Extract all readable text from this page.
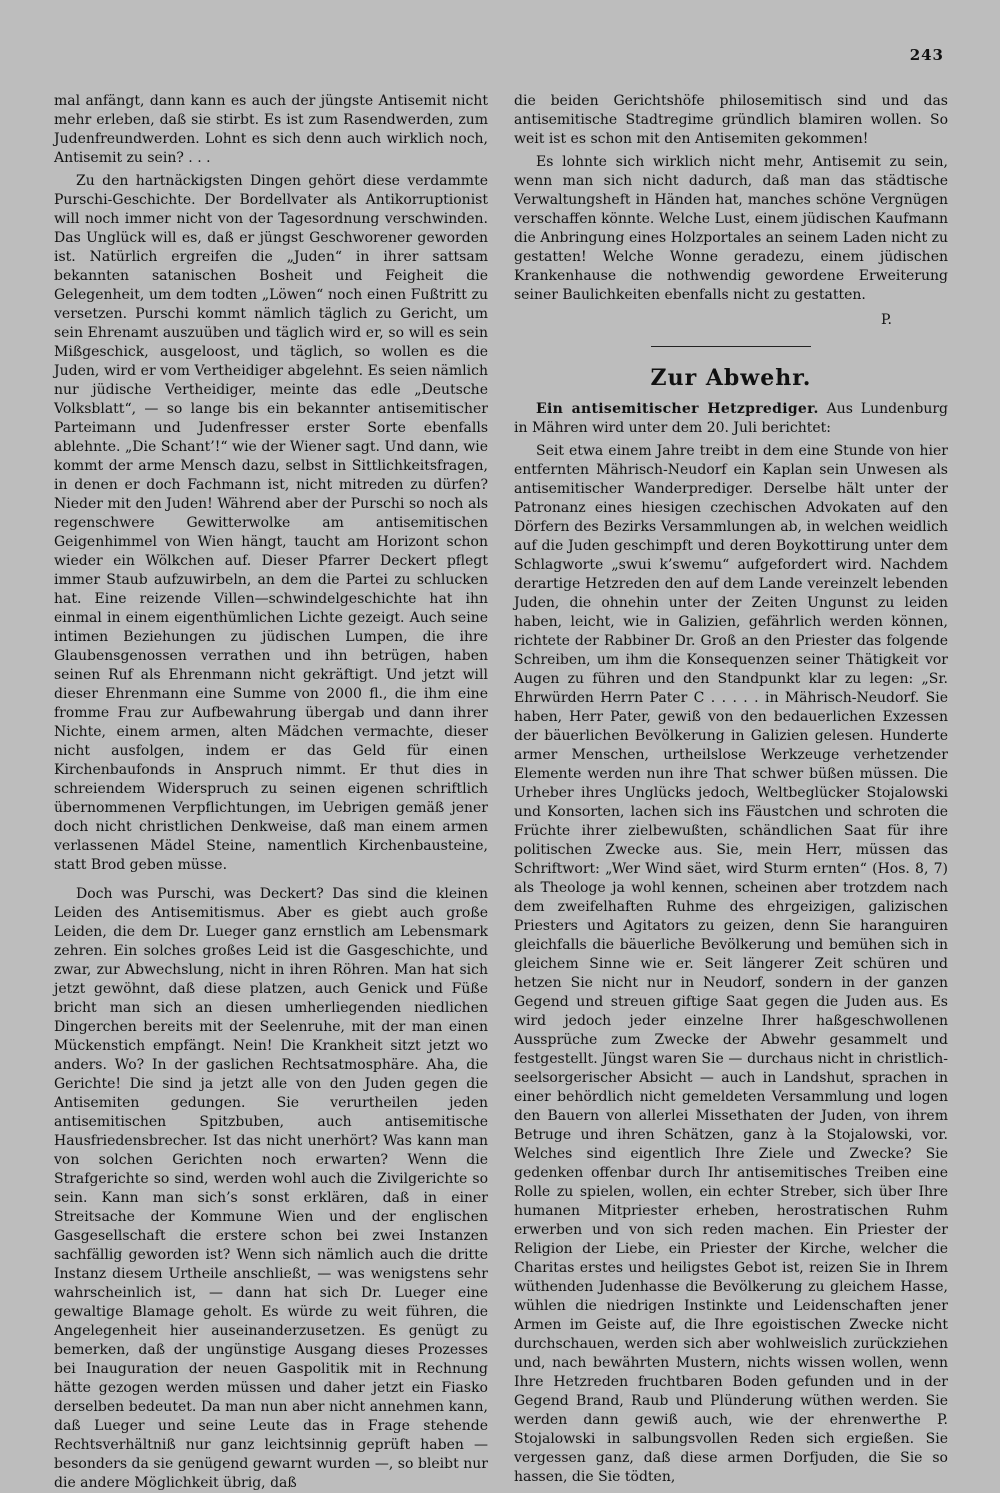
243

mal anfängt, dann kann es auch der jüngste Antisemit nicht mehr erleben, daß sie stirbt. Es ist zum Rasendwerden, zum Judenfreundwerden. Lohnt es sich denn auch wirklich noch, Antisemit zu sein? . . .

Zu den hartnäckigsten Dingen gehört diese verdammte Purschi-Geschichte. Der Bordellvater als Antikorruptionist will noch immer nicht von der Tagesordnung verschwinden. Das Unglück will es, daß er jüngst Geschworener geworden ist. Natürlich ergreifen die „Juden“ in ihrer sattsam bekannten satanischen Bosheit und Feigheit die Gelegenheit, um dem todten „Löwen“ noch einen Fußtritt zu versetzen. Purschi kommt nämlich täglich zu Gericht, um sein Ehrenamt auszuüben und täglich wird er, so will es sein Mißgeschick, ausgeloost, und täglich, so wollen es die Juden, wird er vom Vertheidiger abgelehnt. Es seien nämlich nur jüdische Vertheidiger, meinte das edle „Deutsche Volksblatt“, — so lange bis ein bekannter antisemitischer Parteimann und Judenfresser erster Sorte ebenfalls ablehnte. „Die Schant’!“ wie der Wiener sagt. Und dann, wie kommt der arme Mensch dazu, selbst in Sittlichkeitsfragen, in denen er doch Fachmann ist, nicht mitreden zu dürfen? Nieder mit den Juden! Während aber der Purschi so noch als regenschwere Gewitterwolke am antisemitischen Geigenhimmel von Wien hängt, taucht am Horizont schon wieder ein Wölkchen auf. Dieser Pfarrer Deckert pflegt immer Staub aufzuwirbeln, an dem die Partei zu schlucken hat. Eine reizende Villen—schwindelgeschichte hat ihn einmal in einem eigenthümlichen Lichte gezeigt. Auch seine intimen Beziehungen zu jüdischen Lumpen, die ihre Glaubensgenossen verrathen und ihn betrügen, haben seinen Ruf als Ehrenmann nicht gekräftigt. Und jetzt will dieser Ehrenmann eine Summe von 2000 fl., die ihm eine fromme Frau zur Aufbewahrung übergab und dann ihrer Nichte, einem armen, alten Mädchen vermachte, dieser nicht ausfolgen, indem er das Geld für einen Kirchenbaufonds in Anspruch nimmt. Er thut dies in schreiendem Widerspruch zu seinen eigenen schriftlich übernommenen Verpflichtungen, im Uebrigen gemäß jener doch nicht christlichen Denkweise, daß man einem armen verlassenen Mädel Steine, namentlich Kirchenbausteine, statt Brod geben müsse.

Doch was Purschi, was Deckert? Das sind die kleinen Leiden des Antisemitismus. Aber es giebt auch große Leiden, die dem Dr. Lueger ganz ernstlich am Lebensmark zehren. Ein solches großes Leid ist die Gasgeschichte, und zwar, zur Abwechslung, nicht in ihren Röhren. Man hat sich jetzt gewöhnt, daß diese platzen, auch Genick und Füße bricht man sich an diesen umherliegenden niedlichen Dingerchen bereits mit der Seelenruhe, mit der man einen Mückenstich empfängt. Nein! Die Krankheit sitzt jetzt wo anders. Wo? In der gaslichen Rechtsatmosphäre. Aha, die Gerichte! Die sind ja jetzt alle von den Juden gegen die Antisemiten gedungen. Sie verurtheilen jeden antisemitischen Spitzbuben, auch antisemitische Hausfriedensbrecher. Ist das nicht unerhört? Was kann man von solchen Gerichten noch erwarten? Wenn die Strafgerichte so sind, werden wohl auch die Zivilgerichte so sein. Kann man sich’s sonst erklären, daß in einer Streitsache der Kommune Wien und der englischen Gasgesellschaft die erstere schon bei zwei Instanzen sachfällig geworden ist? Wenn sich nämlich auch die dritte Instanz diesem Urtheile anschließt, — was wenigstens sehr wahrscheinlich ist, — dann hat sich Dr. Lueger eine gewaltige Blamage geholt. Es würde zu weit führen, die Angelegenheit hier auseinanderzusetzen. Es genügt zu bemerken, daß der ungünstige Ausgang dieses Prozesses bei Inauguration der neuen Gaspolitik mit in Rechnung hätte gezogen werden müssen und daher jetzt ein Fiasko derselben bedeutet. Da man nun aber nicht annehmen kann, daß Lueger und seine Leute das in Frage stehende Rechtsverhältniß nur ganz leichtsinnig geprüft haben — besonders da sie genügend gewarnt wurden —, so bleibt nur die andere Möglichkeit übrig, daß

die beiden Gerichtshöfe philosemitisch sind und das antisemitische Stadtregime gründlich blamiren wollen. So weit ist es schon mit den Antisemiten gekommen!

Es lohnte sich wirklich nicht mehr, Antisemit zu sein, wenn man sich nicht dadurch, daß man das städtische Verwaltungsheft in Händen hat, manches schöne Vergnügen verschaffen könnte. Welche Lust, einem jüdischen Kaufmann die Anbringung eines Holzportales an seinem Laden nicht zu gestatten! Welche Wonne geradezu, einem jüdischen Krankenhause die nothwendig gewordene Erweiterung seiner Baulichkeiten ebenfalls nicht zu gestatten.

P.
Zur Abwehr.

Ein antisemitischer Hetzprediger. Aus Lundenburg in Mähren wird unter dem 20. Juli berichtet:

Seit etwa einem Jahre treibt in dem eine Stunde von hier entfernten Mährisch-Neudorf ein Kaplan sein Unwesen als antisemitischer Wanderprediger. Derselbe hält unter der Patronanz eines hiesigen czechischen Advokaten auf den Dörfern des Bezirks Versammlungen ab, in welchen weidlich auf die Juden geschimpft und deren Boykottirung unter dem Schlagworte „swui k’swemu“ aufgefordert wird. Nachdem derartige Hetzreden den auf dem Lande vereinzelt lebenden Juden, die ohnehin unter der Zeiten Ungunst zu leiden haben, leicht, wie in Galizien, gefährlich werden können, richtete der Rabbiner Dr. Groß an den Priester das folgende Schreiben, um ihm die Konsequenzen seiner Thätigkeit vor Augen zu führen und den Standpunkt klar zu legen: „Sr. Ehrwürden Herrn Pater C . . . . . in Mährisch-Neudorf. Sie haben, Herr Pater, gewiß von den bedauerlichen Exzessen der bäuerlichen Bevölkerung in Galizien gelesen. Hunderte armer Menschen, urtheilslose Werkzeuge verhetzender Elemente werden nun ihre That schwer büßen müssen. Die Urheber ihres Unglücks jedoch, Weltbeglücker Stojalowski und Konsorten, lachen sich ins Fäustchen und schroten die Früchte ihrer zielbewußten, schändlichen Saat für ihre politischen Zwecke aus. Sie, mein Herr, müssen das Schriftwort: „Wer Wind säet, wird Sturm ernten“ (Hos. 8, 7) als Theologe ja wohl kennen, scheinen aber trotzdem nach dem zweifelhaften Ruhme des ehrgeizigen, galizischen Priesters und Agitators zu geizen, denn Sie haranguiren gleichfalls die bäuerliche Bevölkerung und bemühen sich in gleichem Sinne wie er. Seit längerer Zeit schüren und hetzen Sie nicht nur in Neudorf, sondern in der ganzen Gegend und streuen giftige Saat gegen die Juden aus. Es wird jedoch jeder einzelne Ihrer haßgeschwollenen Aussprüche zum Zwecke der Abwehr gesammelt und festgestellt. Jüngst waren Sie — durchaus nicht in christlich-seelsorgerischer Absicht — auch in Landshut, sprachen in einer behördlich nicht gemeldeten Versammlung und logen den Bauern von allerlei Missethaten der Juden, von ihrem Betruge und ihren Schätzen, ganz à la Stojalowski, vor. Welches sind eigentlich Ihre Ziele und Zwecke? Sie gedenken offenbar durch Ihr antisemitisches Treiben eine Rolle zu spielen, wollen, ein echter Streber, sich über Ihre humanen Mitpriester erheben, herostratischen Ruhm erwerben und von sich reden machen. Ein Priester der Religion der Liebe, ein Priester der Kirche, welcher die Charitas erstes und heiligstes Gebot ist, reizen Sie in Ihrem wüthenden Judenhasse die Bevölkerung zu gleichem Hasse, wühlen die niedrigen Instinkte und Leidenschaften jener Armen im Geiste auf, die Ihre egoistischen Zwecke nicht durchschauen, werden sich aber wohlweislich zurückziehen und, nach bewährten Mustern, nichts wissen wollen, wenn Ihre Hetzreden fruchtbaren Boden gefunden und in der Gegend Brand, Raub und Plünderung wüthen werden. Sie werden dann gewiß auch, wie der ehrenwerthe P. Stojalowski in salbungsvollen Reden sich ergießen. Sie vergessen ganz, daß diese armen Dorfjuden, die Sie so hassen, die Sie tödten,
